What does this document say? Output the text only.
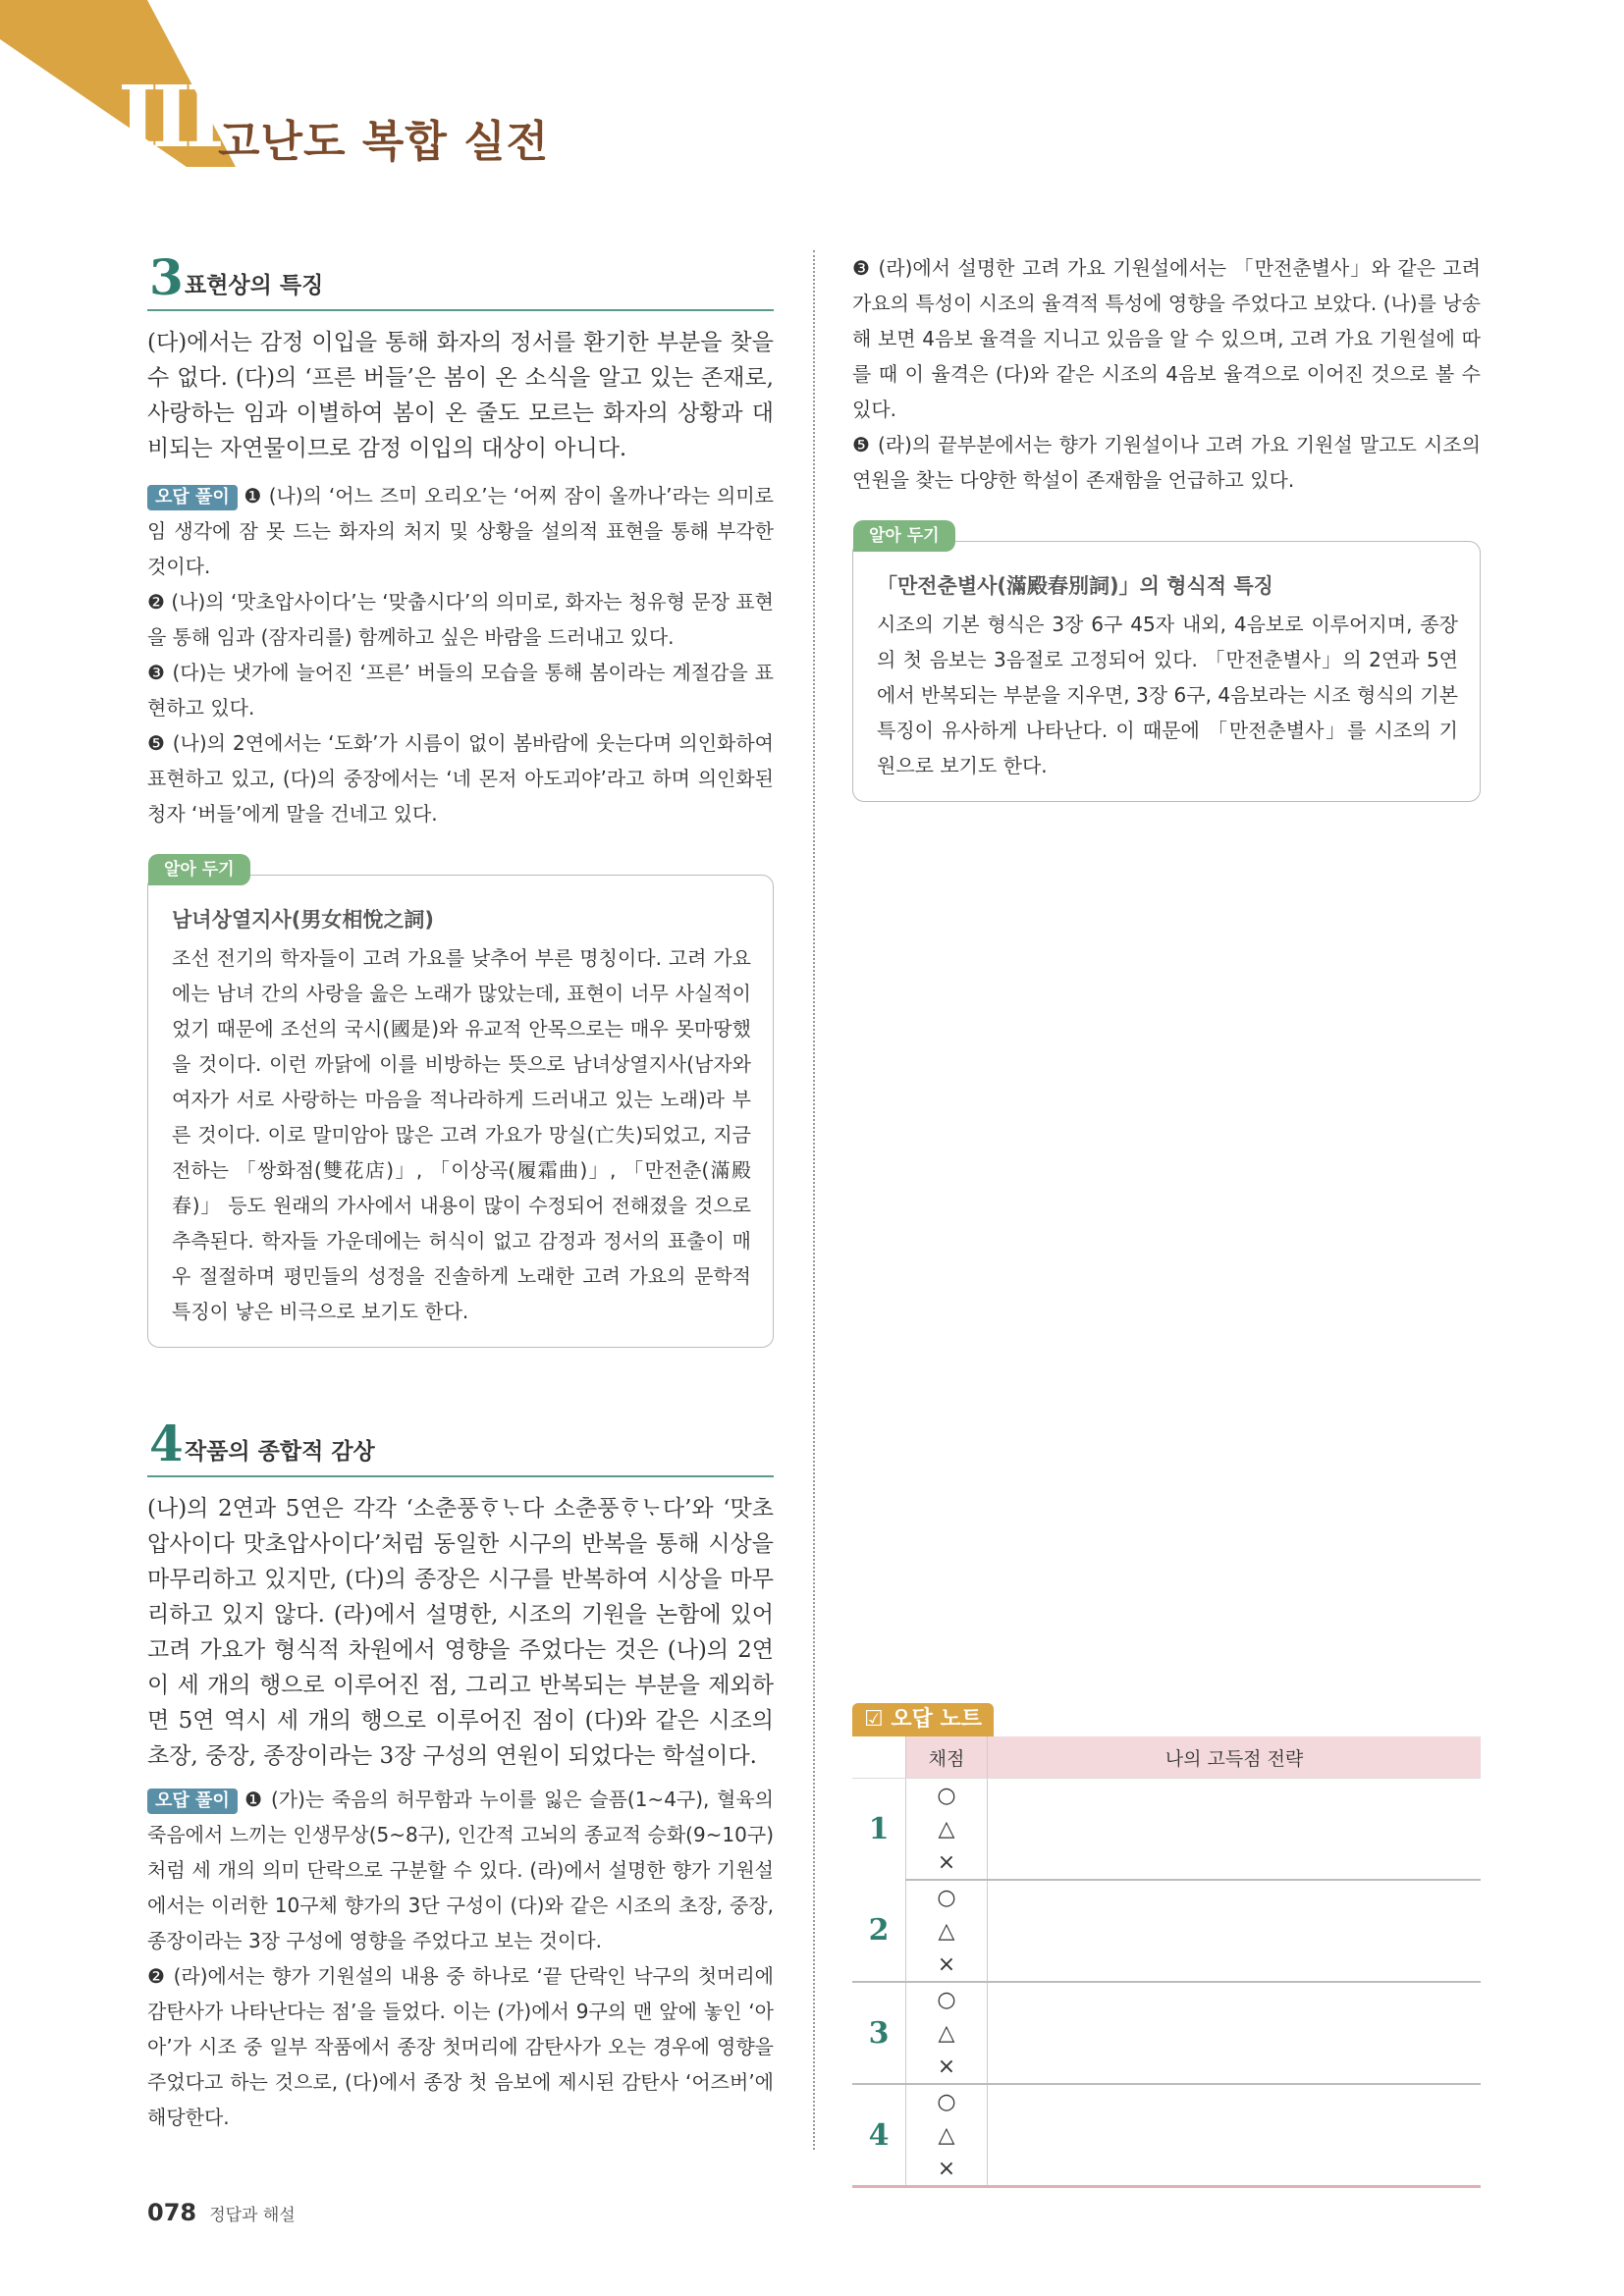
III 고난도 복합 실전
3 표현상의 특징

(다)에서는 감정 이입을 통해 화자의 정서를 환기한 부분을 찾을 수 없다. (다)의 ‘프른 버들’은 봄이 온 소식을 알고 있는 존재로, 사랑하는 임과 이별하여 봄이 온 줄도 모르는 화자의 상황과 대비되는 자연물이므로 감정 이입의 대상이 아니다.

오답 풀이 ❶ (나)의 ‘어느 즈미 오리오’는 ‘어찌 잠이 올까나’라는 의미로 임 생각에 잠 못 드는 화자의 처지 및 상황을 설의적 표현을 통해 부각한 것이다.

❷ (나)의 ‘맛초압사이다’는 ‘맞춥시다’의 의미로, 화자는 청유형 문장 표현을 통해 임과 (잠자리를) 함께하고 싶은 바람을 드러내고 있다.

❸ (다)는 냇가에 늘어진 ‘프른’ 버들의 모습을 통해 봄이라는 계절감을 표현하고 있다.

❺ (나)의 2연에서는 ‘도화’가 시름이 없이 봄바람에 웃는다며 의인화하여 표현하고 있고, (다)의 중장에서는 ‘네 몬저 아도괴야’라고 하며 의인화된 청자 ‘버들’에게 말을 건네고 있다.

알아 두기

남녀상열지사(男女相悅之詞)

조선 전기의 학자들이 고려 가요를 낮추어 부른 명칭이다. 고려 가요에는 남녀 간의 사랑을 읊은 노래가 많았는데, 표현이 너무 사실적이었기 때문에 조선의 국시(國是)와 유교적 안목으로는 매우 못마땅했을 것이다. 이런 까닭에 이를 비방하는 뜻으로 남녀상열지사(남자와 여자가 서로 사랑하는 마음을 적나라하게 드러내고 있는 노래)라 부른 것이다. 이로 말미암아 많은 고려 가요가 망실(亡失)되었고, 지금 전하는 「쌍화점(雙花店)」, 「이상곡(履霜曲)」, 「만전춘(滿殿春)」 등도 원래의 가사에서 내용이 많이 수정되어 전해졌을 것으로 추측된다. 학자들 가운데에는 허식이 없고 감정과 정서의 표출이 매우 절절하며 평민들의 성정을 진솔하게 노래한 고려 가요의 문학적 특징이 낳은 비극으로 보기도 한다.

4 작품의 종합적 감상

(나)의 2연과 5연은 각각 ‘소춘풍ᄒᆞᄂᆞ다 소춘풍ᄒᆞᄂᆞ다’와 ‘맛초압사이다 맛초압사이다’처럼 동일한 시구의 반복을 통해 시상을 마무리하고 있지만, (다)의 종장은 시구를 반복하여 시상을 마무리하고 있지 않다. (라)에서 설명한, 시조의 기원을 논함에 있어 고려 가요가 형식적 차원에서 영향을 주었다는 것은 (나)의 2연이 세 개의 행으로 이루어진 점, 그리고 반복되는 부분을 제외하면 5연 역시 세 개의 행으로 이루어진 점이 (다)와 같은 시조의 초장, 중장, 종장이라는 3장 구성의 연원이 되었다는 학설이다.

오답 풀이 ❶ (가)는 죽음의 허무함과 누이를 잃은 슬픔(1~4구), 혈육의 죽음에서 느끼는 인생무상(5~8구), 인간적 고뇌의 종교적 승화(9~10구)처럼 세 개의 의미 단락으로 구분할 수 있다. (라)에서 설명한 향가 기원설에서는 이러한 10구체 향가의 3단 구성이 (다)와 같은 시조의 초장, 중장, 종장이라는 3장 구성에 영향을 주었다고 보는 것이다.

❷ (라)에서는 향가 기원설의 내용 중 하나로 ‘끝 단락인 낙구의 첫머리에 감탄사가 나타난다는 점’을 들었다. 이는 (가)에서 9구의 맨 앞에 놓인 ‘아아’가 시조 중 일부 작품에서 종장 첫머리에 감탄사가 오는 경우에 영향을 주었다고 하는 것으로, (다)에서 종장 첫 음보에 제시된 감탄사 ‘어즈버’에 해당한다.

❸ (라)에서 설명한 고려 가요 기원설에서는 「만전춘별사」와 같은 고려 가요의 특성이 시조의 율격적 특성에 영향을 주었다고 보았다. (나)를 낭송해 보면 4음보 율격을 지니고 있음을 알 수 있으며, 고려 가요 기원설에 따를 때 이 율격은 (다)와 같은 시조의 4음보 율격으로 이어진 것으로 볼 수 있다.

❺ (라)의 끝부분에서는 향가 기원설이나 고려 가요 기원설 말고도 시조의 연원을 찾는 다양한 학설이 존재함을 언급하고 있다.

알아 두기

「만전춘별사(滿殿春別詞)」의 형식적 특징

시조의 기본 형식은 3장 6구 45자 내외, 4음보로 이루어지며, 종장의 첫 음보는 3음절로 고정되어 있다. 「만전춘별사」의 2연과 5연에서 반복되는 부분을 지우면, 3장 6구, 4음보라는 시조 형식의 기본 특징이 유사하게 나타난다. 이 때문에 「만전춘별사」를 시조의 기원으로 보기도 한다.

☑ 오답 노트
	채점	나의 고득점 전략
1	○	
	△	
	×	
2	○	
	△	
	×	
3	○	
	△	
	×	
4	○	
	△	
	×	
078 정답과 해설
